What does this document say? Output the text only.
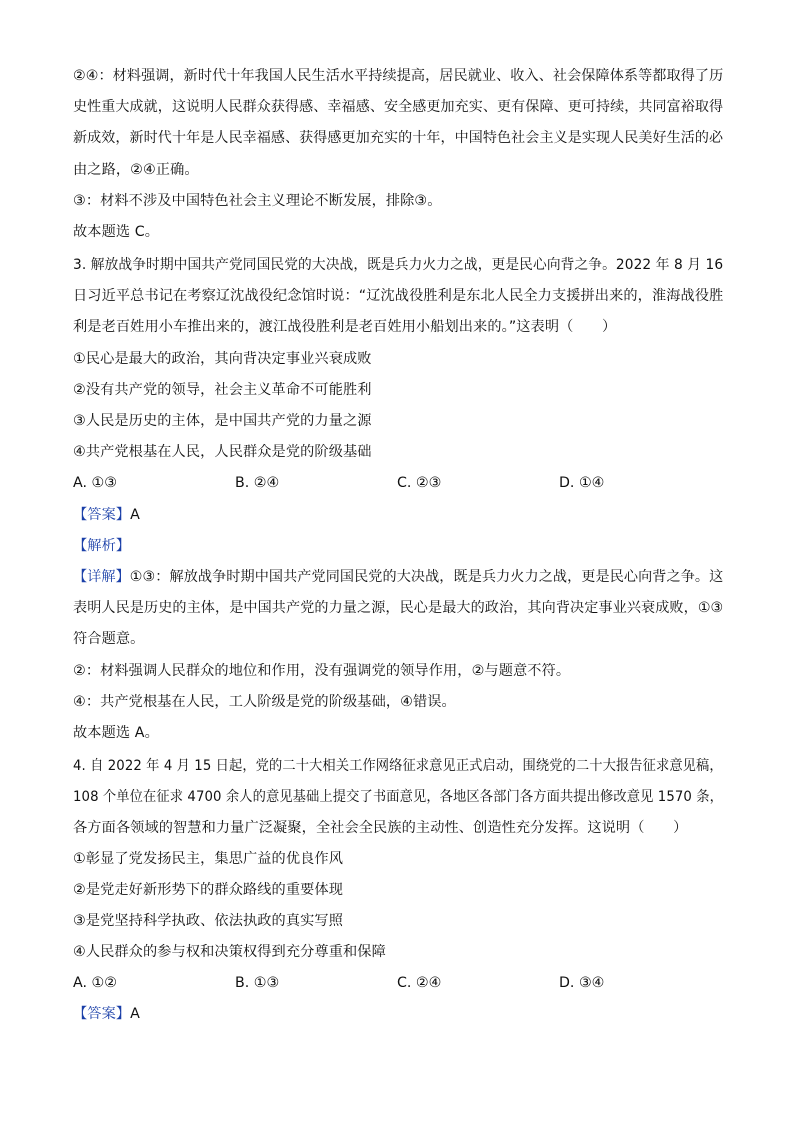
②④：材料强调，新时代十年我国人民生活水平持续提高，居民就业、收入、社会保障体系等都取得了历
史性重大成就，这说明人民群众获得感、幸福感、安全感更加充实、更有保障、更可持续，共同富裕取得
新成效，新时代十年是人民幸福感、获得感更加充实的十年，中国特色社会主义是实现人民美好生活的必
由之路，②④正确。
③：材料不涉及中国特色社会主义理论不断发展，排除③。
故本题选 C。
3. 解放战争时期中国共产党同国民党的大决战，既是兵力火力之战，更是民心向背之争。2022 年 8 月 16
日习近平总书记在考察辽沈战役纪念馆时说：“辽沈战役胜利是东北人民全力支援拼出来的，淮海战役胜
利是老百姓用小车推出来的，渡江战役胜利是老百姓用小船划出来的。”这表明（　　）
①民心是最大的政治，其向背决定事业兴衰成败
②没有共产党的领导，社会主义革命不可能胜利
③人民是历史的主体，是中国共产党的力量之源
④共产党根基在人民，人民群众是党的阶级基础
A. ①③	B. ②④	C. ②③	D. ①④
【答案】A
【解析】
【详解】①③：解放战争时期中国共产党同国民党的大决战，既是兵力火力之战，更是民心向背之争。这
表明人民是历史的主体，是中国共产党的力量之源，民心是最大的政治，其向背决定事业兴衰成败，①③
符合题意。
②：材料强调人民群众的地位和作用，没有强调党的领导作用，②与题意不符。
④：共产党根基在人民，工人阶级是党的阶级基础，④错误。
故本题选 A。
4. 自 2022 年 4 月 15 日起，党的二十大相关工作网络征求意见正式启动，围绕党的二十大报告征求意见稿，
108 个单位在征求 4700 余人的意见基础上提交了书面意见，各地区各部门各方面共提出修改意见 1570 条，
各方面各领域的智慧和力量广泛凝聚，全社会全民族的主动性、创造性充分发挥。这说明（　　）
①彰显了党发扬民主，集思广益的优良作风
②是党走好新形势下的群众路线的重要体现
③是党坚持科学执政、依法执政的真实写照
④人民群众的参与权和决策权得到充分尊重和保障
A. ①②	B. ①③	C. ②④	D. ③④
【答案】A
